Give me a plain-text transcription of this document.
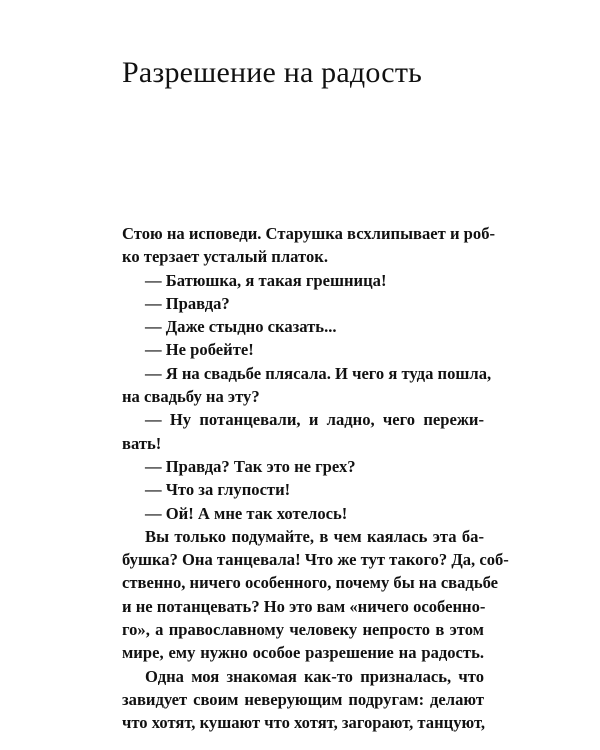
Разрешение на радость
Стою на исповеди. Старушка всхлипывает и роб-
ко терзает усталый платок.
— Батюшка, я такая грешница!
— Правда?
— Даже стыдно сказать...
— Не робейте!
— Я на свадьбе плясала. И чего я туда пошла,
на свадьбу на эту?
— Ну потанцевали, и ладно, чего пережи-
вать!
— Правда? Так это не грех?
— Что за глупости!
— Ой! А мне так хотелось!
Вы только подумайте, в чем каялась эта ба-
бушка? Она танцевала! Что же тут такого? Да, соб-
ственно, ничего особенного, почему бы на свадьбе
и не потанцевать? Но это вам «ничего особенно-
го», а православному человеку непросто в этом
мире, ему нужно особое разрешение на радость.
Одна моя знакомая как-то призналась, что
завидует своим неверующим подругам: делают
что хотят, кушают что хотят, загорают, танцуют,
